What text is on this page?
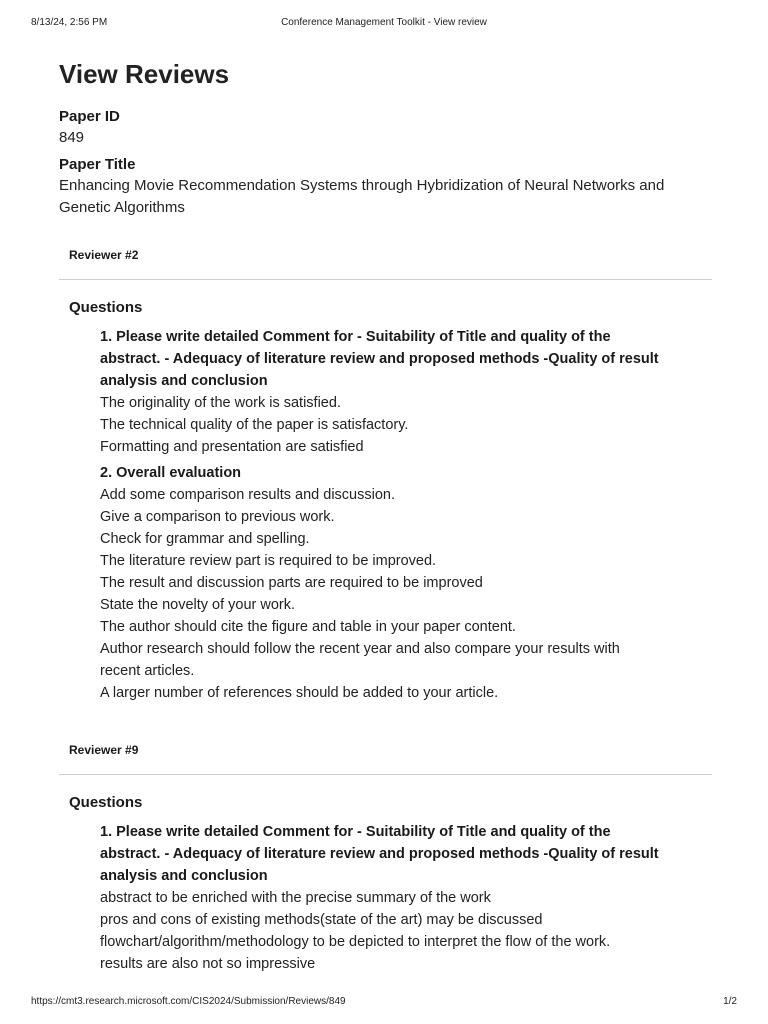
8/13/24, 2:56 PM	Conference Management Toolkit - View review
View Reviews
Paper ID
849
Paper Title
Enhancing Movie Recommendation Systems through Hybridization of Neural Networks and
Genetic Algorithms
Reviewer #2
Questions
1. Please write detailed Comment for - Suitability of Title and quality of the
abstract. - Adequacy of literature review and proposed methods -Quality of result
analysis and conclusion
The originality of the work is satisfied.
The technical quality of the paper is satisfactory.
Formatting and presentation are satisfied
2. Overall evaluation
Add some comparison results and discussion.
Give a comparison to previous work.
Check for grammar and spelling.
The literature review part is required to be improved.
The result and discussion parts are required to be improved
State the novelty of your work.
The author should cite the figure and table in your paper content.
Author research should follow the recent year and also compare your results with
recent articles.
A larger number of references should be added to your article.
Reviewer #9
Questions
1. Please write detailed Comment for - Suitability of Title and quality of the
abstract. - Adequacy of literature review and proposed methods -Quality of result
analysis and conclusion
abstract to be enriched with the precise summary of the work
pros and cons of existing methods(state of the art) may be discussed
flowchart/algorithm/methodology to be depicted to interpret the flow of the work.
results are also not so impressive
https://cmt3.research.microsoft.com/CIS2024/Submission/Reviews/849	1/2
